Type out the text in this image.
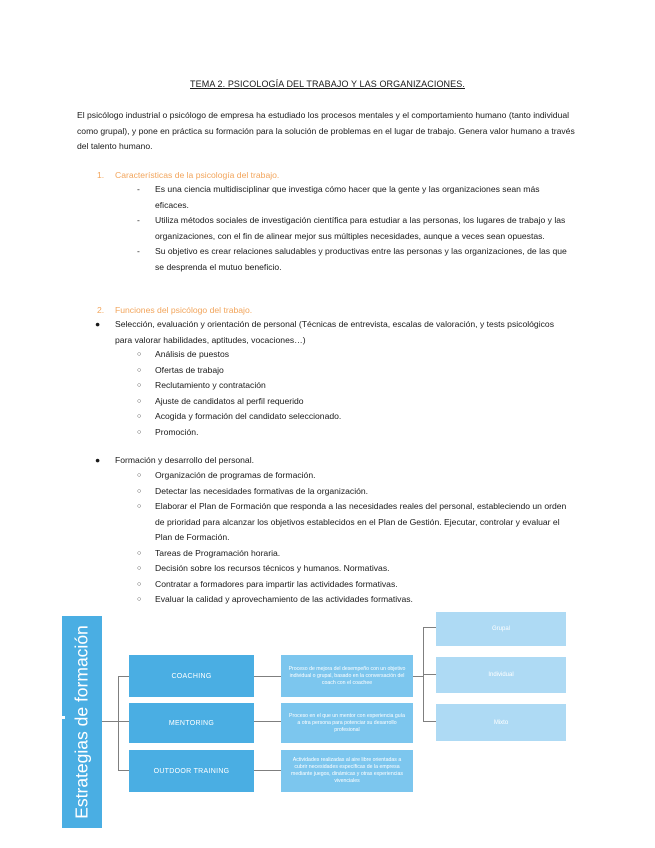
TEMA 2. PSICOLOGÍA DEL TRABAJO Y LAS ORGANIZACIONES.
El psicólogo industrial o psicólogo de empresa ha estudiado los procesos mentales y el comportamiento humano (tanto individual como grupal), y pone en práctica su formación para la solución de problemas en el lugar de trabajo. Genera valor humano a través del talento humano.
1. Características de la psicología del trabajo.
- Es una ciencia multidisciplinar que investiga cómo hacer que la gente y las organizaciones sean más eficaces.
- Utiliza métodos sociales de investigación científica para estudiar a las personas, los lugares de trabajo y las organizaciones, con el fin de alinear mejor sus múltiples necesidades, aunque a veces sean opuestas.
- Su objetivo es crear relaciones saludables y productivas entre las personas y las organizaciones, de las que se desprenda el mutuo beneficio.
2. Funciones del psicólogo del trabajo.
● Selección, evaluación y orientación de personal (Técnicas de entrevista, escalas de valoración, y tests psicológicos para valorar habilidades, aptitudes, vocaciones…)
○ Análisis de puestos
○ Ofertas de trabajo
○ Reclutamiento y contratación
○ Ajuste de candidatos al perfil requerido
○ Acogida y formación del candidato seleccionado.
○ Promoción.
● Formación y desarrollo del personal.
○ Organización de programas de formación.
○ Detectar las necesidades formativas de la organización.
○ Elaborar el Plan de Formación que responda a las necesidades reales del personal, estableciendo un orden de prioridad para alcanzar los objetivos establecidos en el Plan de Gestión. Ejecutar, controlar y evaluar el Plan de Formación.
○ Tareas de Programación horaria.
○ Decisión sobre los recursos técnicos y humanos. Normativas.
○ Contratar a formadores para impartir las actividades formativas.
○ Evaluar la calidad y aprovechamiento de las actividades formativas.
Estrategias de formación	COACHING
MENTORING
OUTDOOR TRAINING
Proceso de mejora del desempeño con un objetivo individual o grupal, basado en la conversación del coach con el coachee
Proceso en el que un mentor con experiencia guía a otra persona para potenciar su desarrollo profesional
Actividades realizadas al aire libre orientadas a cubrir necesidades específicas de la empresa mediante juegos, dinámicas y otras experiencias vivenciales
Grupal
Individual
Mixto
